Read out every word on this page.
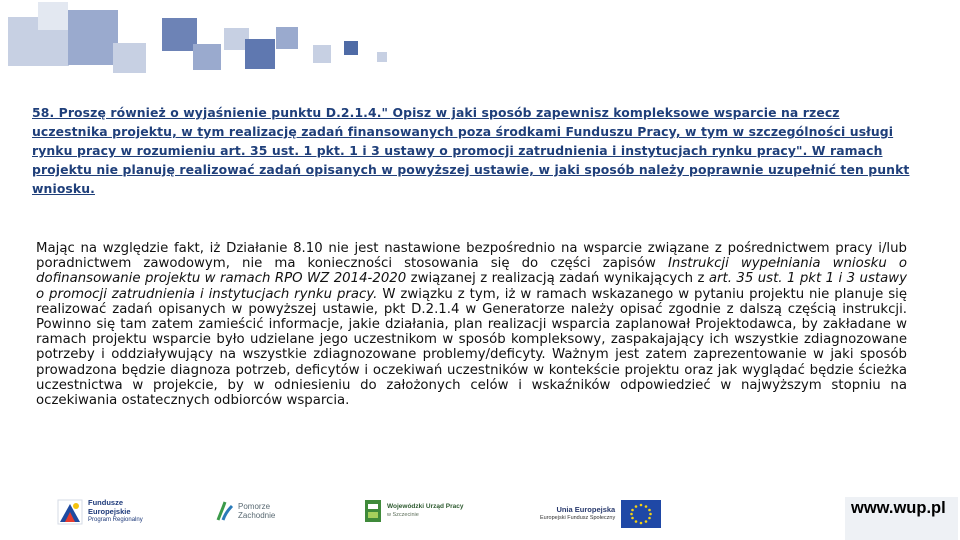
58. Proszę również o wyjaśnienie punktu D.2.1.4." Opisz w jaki sposób zapewnisz kompleksowe wsparcie na rzecz uczestnika projektu, w tym realizację zadań finansowanych poza środkami Funduszu Pracy, w tym w szczególności usługi rynku pracy w rozumieniu art. 35 ust. 1 pkt. 1 i 3 ustawy o promocji zatrudnienia i instytucjach rynku pracy". W ramach projektu nie planuję realizować zadań opisanych w powyższej ustawie, w jaki sposób należy poprawnie uzupełnić ten punkt wniosku.
Mając na względzie fakt, iż Działanie 8.10 nie jest nastawione bezpośrednio na wsparcie związane z pośrednictwem pracy i/lub poradnictwem zawodowym, nie ma konieczności stosowania się do części zapisów Instrukcji wypełniania wniosku o dofinansowanie projektu w ramach RPO WZ 2014-2020 związanej z realizacją zadań wynikających z art. 35 ust. 1 pkt 1 i 3 ustawy o promocji zatrudnienia i instytucjach rynku pracy. W związku z tym, iż w ramach wskazanego w pytaniu projektu nie planuje się realizować zadań opisanych w powyższej ustawie, pkt D.2.1.4 w Generatorze należy opisać zgodnie z dalszą częścią instrukcji. Powinno się tam zatem zamieścić informacje, jakie działania, plan realizacji wsparcia zaplanował Projektodawca, by zakładane w ramach projektu wsparcie było udzielane jego uczestnikom w sposób kompleksowy, zaspakajający ich wszystkie zdiagnozowane potrzeby i oddziaływujący na wszystkie zdiagnozowane problemy/deficyty. Ważnym jest zatem zaprezentowanie w jaki sposób prowadzona będzie diagnoza potrzeb, deficytów i oczekiwań uczestników w kontekście projektu oraz jak wyglądać będzie ścieżka uczestnictwa w projekcie, by w odniesieniu do założonych celów i wskaźników odpowiedzieć w najwyższym stopniu na oczekiwania ostatecznych odbiorców wsparcia.
Fundusze
Europejskie
Program Regionalny
Pomorze
Zachodnie
Wojewódzki Urząd Pracy
w Szczecinie
Unia Europejska
Europejski Fundusz Społeczny
www.wup.pl
